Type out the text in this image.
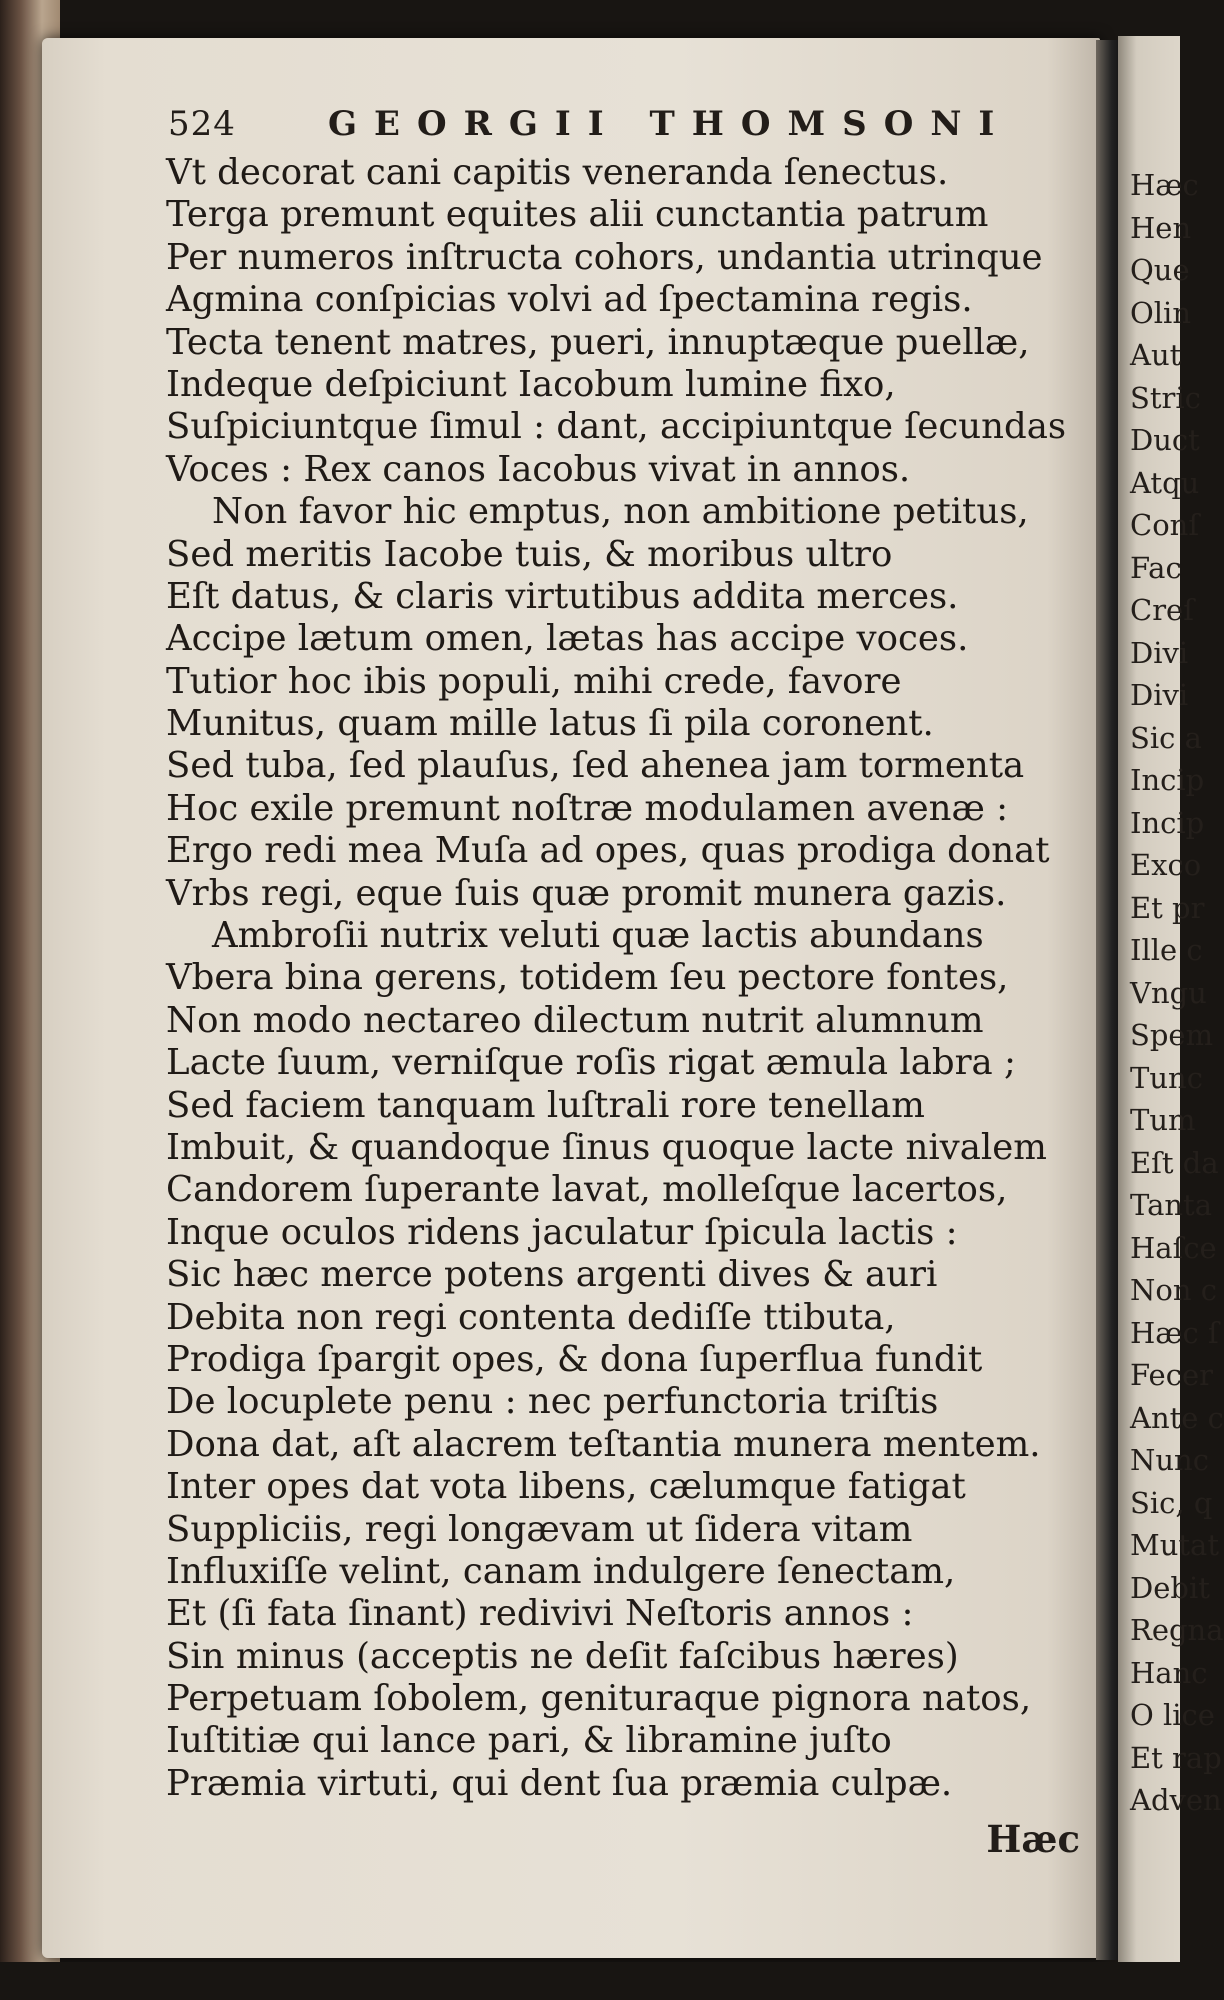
524	GEORGII THOMSONI
Vt decorat cani capitis veneranda ſenectus.
Terga premunt equites alii cunctantia patrum
Per numeros inſtructa cohors, undantia utrinque
Agmina conſpicias volvi ad ſpectamina regis.
Tecta tenent matres, pueri, innuptæque puellæ,
Indeque deſpiciunt Iacobum lumine fixo,
Suſpiciuntque ſimul : dant, accipiuntque ſecundas
Voces : Rex canos Iacobus vivat in annos.
Non favor hic emptus, non ambitione petitus,
Sed meritis Iacobe tuis, & moribus ultro
Eſt datus, & claris virtutibus addita merces.
Accipe lætum omen, lætas has accipe voces.
Tutior hoc ibis populi, mihi crede, favore
Munitus, quam mille latus ſi pila coronent.
Sed tuba, ſed plauſus, ſed ahenea jam tormenta
Hoc exile premunt noſtræ modulamen avenæ :
Ergo redi mea Muſa ad opes, quas prodiga donat
Vrbs regi, eque ſuis quæ promit munera gazis.
Ambroſii nutrix veluti quæ lactis abundans
Vbera bina gerens, totidem ſeu pectore fontes,
Non modo nectareo dilectum nutrit alumnum
Lacte ſuum, verniſque roſis rigat æmula labra ;
Sed faciem tanquam luſtrali rore tenellam
Imbuit, & quandoque ſinus quoque lacte nivalem
Candorem ſuperante lavat, molleſque lacertos,
Inque oculos ridens jaculatur ſpicula lactis :
Sic hæc merce potens argenti dives & auri
Debita non regi contenta dediſſe ttibuta,
Prodiga ſpargit opes, & dona ſuperflua fundit
De locuplete penu : nec perfunctoria triſtis
Dona dat, aſt alacrem teſtantia munera mentem.
Inter opes dat vota libens, cælumque fatigat
Suppliciis, regi longævam ut ſidera vitam
Influxiſſe velint, canam indulgere ſenectam,
Et (ſi fata ſinant) redivivi Neſtoris annos :
Sin minus (acceptis ne deſit faſcibus hæres)
Perpetuam ſobolem, genituraque pignora natos,
Iuſtitiæ qui lance pari, & libramine juſto
Præmia virtuti, qui dent ſua præmia culpæ.
Hæc
Hæc
Hen
Que
Olin
Aut
Stric
Duct
Atqu
Conſ
Fac
Creſ
Divi
Divi
Sic a
Incip
Incip
Exco
Et pr
Ille c
Vngu
Spem
Tunc
Tum
Eſt da
Tanta
Haſce
Non c
Hæc ſ
Fecer
Ante c
Nunc
Sic, q
Mutat
Debit
Regna
Hanc
O lice
Et rap
Adven
